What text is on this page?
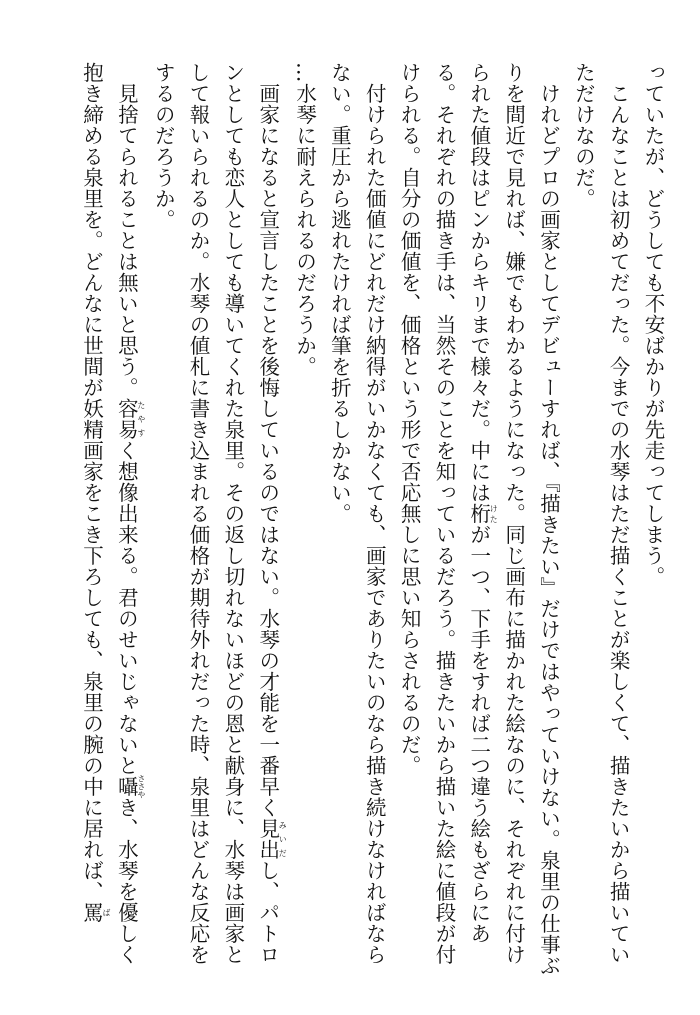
っていたが、どうしても不安ばかりが先走ってしまう。

こんなことは初めてだった。今までの水琴はただ描くことが楽しくて、描きたいから描いていただけなのだ。

けれどプロの画家としてデビューすれば、『描きたい』だけではやっていけない。泉里の仕事ぶりを間近で見れば、嫌でもわかるようになった。同じ画布に描かれた絵なのに、それぞれに付けられた値段はピンからキリまで様々だ。中には桁けたが一つ、下手をすれば二つ違う絵もざらにある。それぞれの描き手は、当然そのことを知っているだろう。描きたいから描いた絵に値段が付けられる。自分の価値を、価格という形で否応無しに思い知らされるのだ。

付けられた価値にどれだけ納得がいかなくても、画家でありたいのなら描き続けなければならない。重圧から逃れたければ筆を折るしかない。

…水琴に耐えられるのだろうか。

画家になると宣言したことを後悔しているのではない。水琴の才能を一番早く見出みいだし、パトロンとしても恋人としても導いてくれた泉里。その返し切れないほどの恩と献身に、水琴は画家として報いられるのか。水琴の値札に書き込まれる価格が期待外れだった時、泉里はどんな反応をするのだろうか。

見捨てられることは無いと思う。容易たやすく想像出来る。君のせいじゃないと囁ささやき、水琴を優しく抱き締める泉里を。どんなに世間が妖精画家をこき下ろしても、泉里の腕の中に居れば、罵ば
